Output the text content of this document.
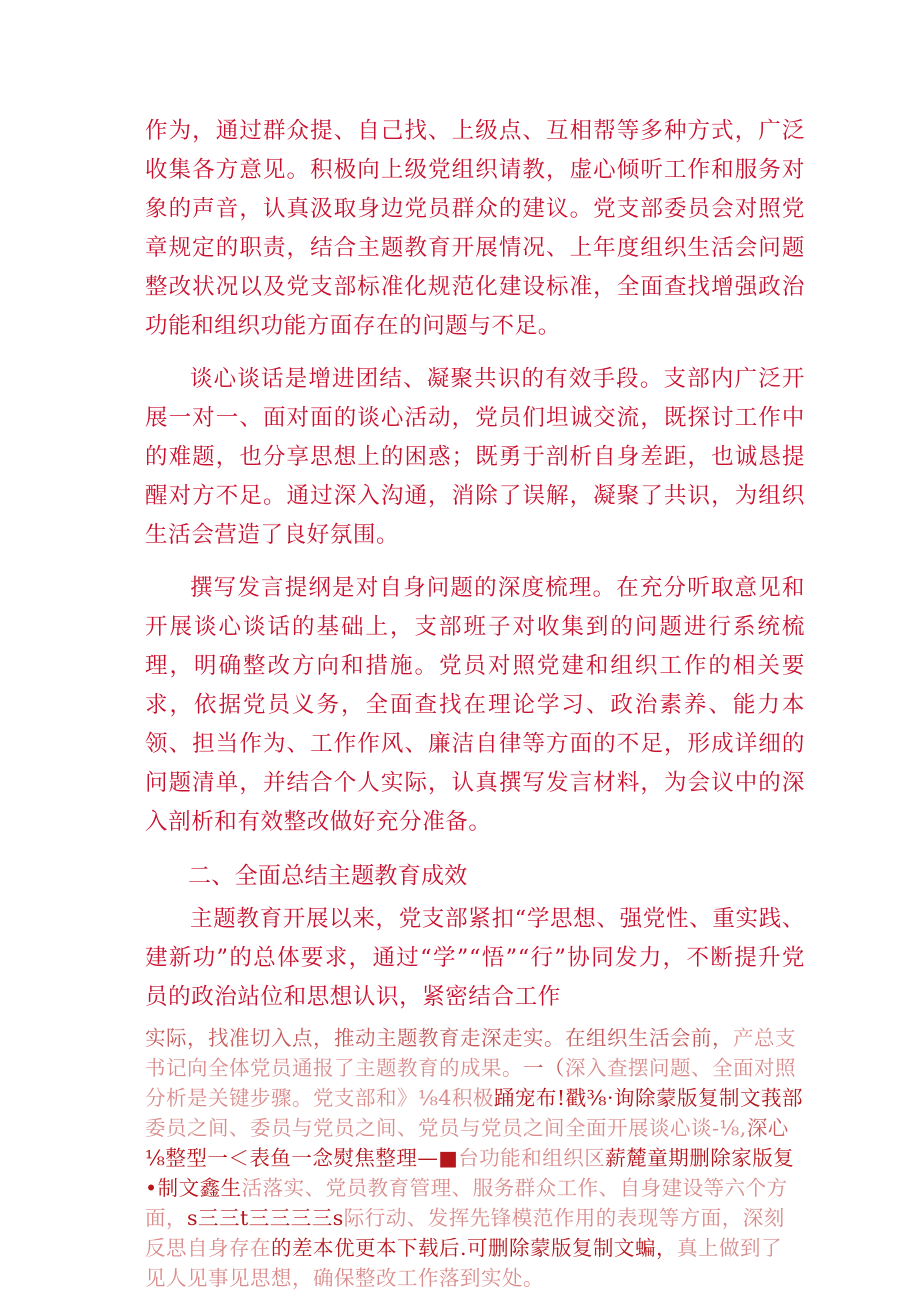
作为，通过群众提、自己找、上级点、互相帮等多种方式，广泛收集各方意见。积极向上级党组织请教，虚心倾听工作和服务对象的声音，认真汲取身边党员群众的建议。党支部委员会对照党章规定的职责，结合主题教育开展情况、上年度组织生活会问题整改状况以及党支部标准化规范化建设标准，全面查找增强政治功能和组织功能方面存在的问题与不足。

谈心谈话是增进团结、凝聚共识的有效手段。支部内广泛开展一对一、面对面的谈心活动，党员们坦诚交流，既探讨工作中的难题，也分享思想上的困惑；既勇于剖析自身差距，也诚恳提醒对方不足。通过深入沟通，消除了误解，凝聚了共识，为组织生活会营造了良好氛围。

撰写发言提纲是对自身问题的深度梳理。在充分听取意见和开展谈心谈话的基础上，支部班子对收集到的问题进行系统梳理，明确整改方向和措施。党员对照党建和组织工作的相关要求，依据党员义务，全面查找在理论学习、政治素养、能力本领、担当作为、工作作风、廉洁自律等方面的不足，形成详细的问题清单，并结合个人实际，认真撰写发言材料，为会议中的深入剖析和有效整改做好充分准备。

二、全面总结主题教育成效

主题教育开展以来，党支部紧扣“学思想、强党性、重实践、建新功”的总体要求，通过“学”“悟”“行”协同发力，不断提升党员的政治站位和思想认识，紧密结合工作

实际，找准切入点，推动主题教育走深走实。在组织生活会前，产总支

书记向全体党员通报了主题教育的成果。一（深入查摆问题、全面对照

分析是关键步骤。党支部和》⅛4积极踊宠布!戳⅜·询除蒙版复制文莪部

委员之间、委员与党员之间、党员与党员之间全面开展谈心谈-⅛,深心

⅛整型一＜表鱼一念熨焦整理—■台功能和组织区薪麓童期删除家版复

•制文鑫生活落实、党员教育管理、服务群众工作、自身建设等六个方

面，s三三t三三三三s际行动、发挥先锋模范作用的表现等方面，深刻

反思自身存在的差本优更本下载后.可删除蒙版复制文蝙，真上做到了

见人见事见思想，确保整改工作落到实处。
